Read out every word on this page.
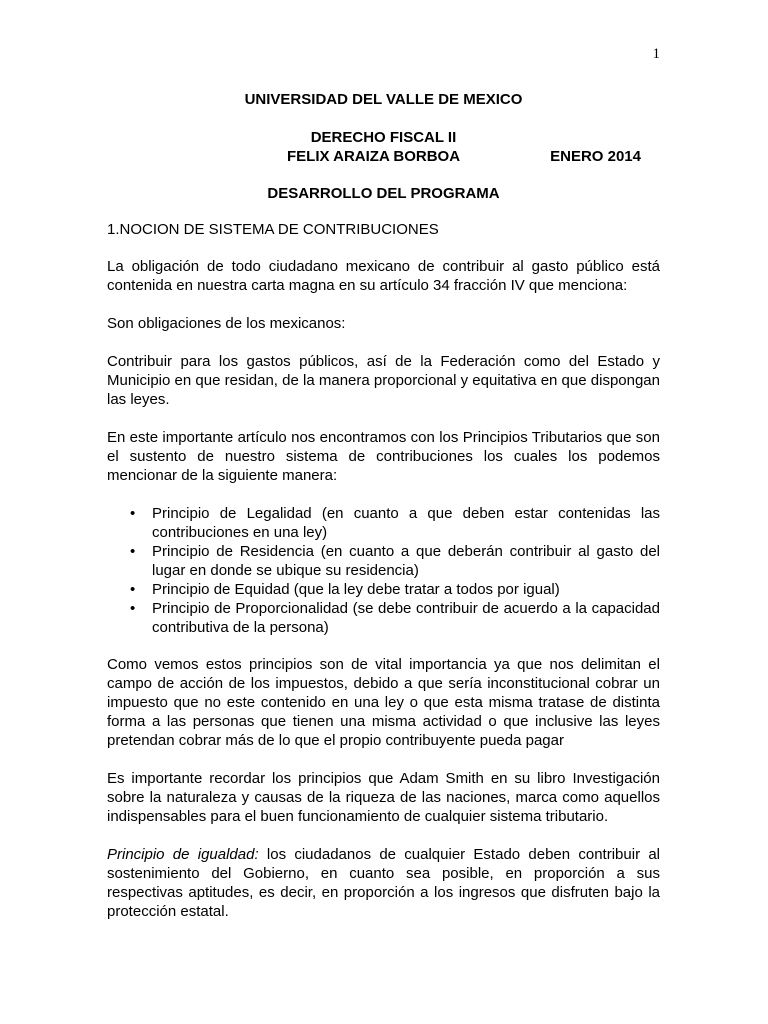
1
UNIVERSIDAD DEL VALLE DE MEXICO
DERECHO FISCAL II
FELIX ARAIZA BORBOA	ENERO 2014
DESARROLLO DEL PROGRAMA
1.NOCION DE SISTEMA DE CONTRIBUCIONES

La obligación de todo ciudadano mexicano de contribuir al gasto público está contenida en nuestra carta magna en su artículo 34 fracción IV que menciona:

Son obligaciones de los mexicanos:

Contribuir para los gastos públicos, así de la Federación como del Estado y Municipio en que residan, de la manera proporcional y equitativa en que dispongan las leyes.

En este importante artículo nos encontramos con los Principios Tributarios que son el sustento de nuestro sistema de contribuciones los cuales los podemos mencionar de la siguiente manera:

• Principio de Legalidad (en cuanto a que deben estar contenidas las contribuciones en una ley)
• Principio de Residencia (en cuanto a que deberán contribuir al gasto del lugar en donde se ubique su residencia)
• Principio de Equidad (que la ley debe tratar a todos por igual)
• Principio de Proporcionalidad (se debe contribuir de acuerdo a la capacidad contributiva de la persona)

Como vemos estos principios son de vital importancia ya que nos delimitan el campo de acción de los impuestos, debido a que sería inconstitucional cobrar un impuesto que no este contenido en una ley o que esta misma tratase de distinta forma a las personas que tienen una misma actividad o que inclusive las leyes pretendan cobrar más de lo que el propio contribuyente pueda pagar

Es importante recordar los principios que Adam Smith en su libro Investigación sobre la naturaleza y causas de la riqueza de las naciones, marca como aquellos indispensables para el buen funcionamiento de cualquier sistema tributario.

Principio de igualdad: los ciudadanos de cualquier Estado deben contribuir al sostenimiento del Gobierno, en cuanto sea posible, en proporción a sus respectivas aptitudes, es decir, en proporción a los ingresos que disfruten bajo la protección estatal.
